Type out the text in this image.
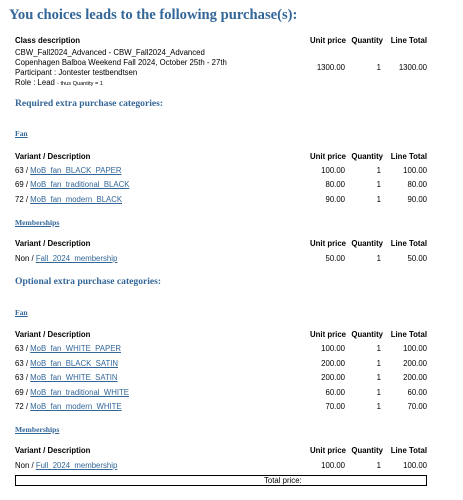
You choices leads to the following purchase(s):
Class description	Unit price Quantity Line Total
CBW_Fall2024_Advanced - CBW_Fall2024_Advanced
Copenhagen Balboa Weekend Fall 2024, October 25th - 27th
Participant : Jontester testbendtsen
Role : Lead - thus Quantity = 1
1300.00	1 1300.00
Required extra purchase categories:
Fan
Variant / Description	Unit price Quantity Line Total
63 / MoB_fan_BLACK_PAPER	100.00	1	100.00
69 / MoB_fan_traditional_BLACK	80.00	1	80.00
72 / MoB_fan_modern_BLACK	90.00	1	90.00
Memberships
Variant / Description	Unit price Quantity Line Total
Non / Fall_2024_membership	50.00	1	50.00
Optional extra purchase categories:
Fan
Variant / Description	Unit price Quantity Line Total
63 / MoB_fan_WHITE_PAPER	100.00	1	100.00
63 / MoB_fan_BLACK_SATIN	200.00	1	200.00
63 / MoB_fan_WHITE_SATIN	200.00	1	200.00
69 / MoB_fan_traditional_WHITE	60.00	1	60.00
72 / MoB_fan_modern_WHITE	70.00	1	70.00
Memberships
Variant / Description	Unit price Quantity Line Total
Non / Full_2024_membership	100.00	1	100.00
Total price:
